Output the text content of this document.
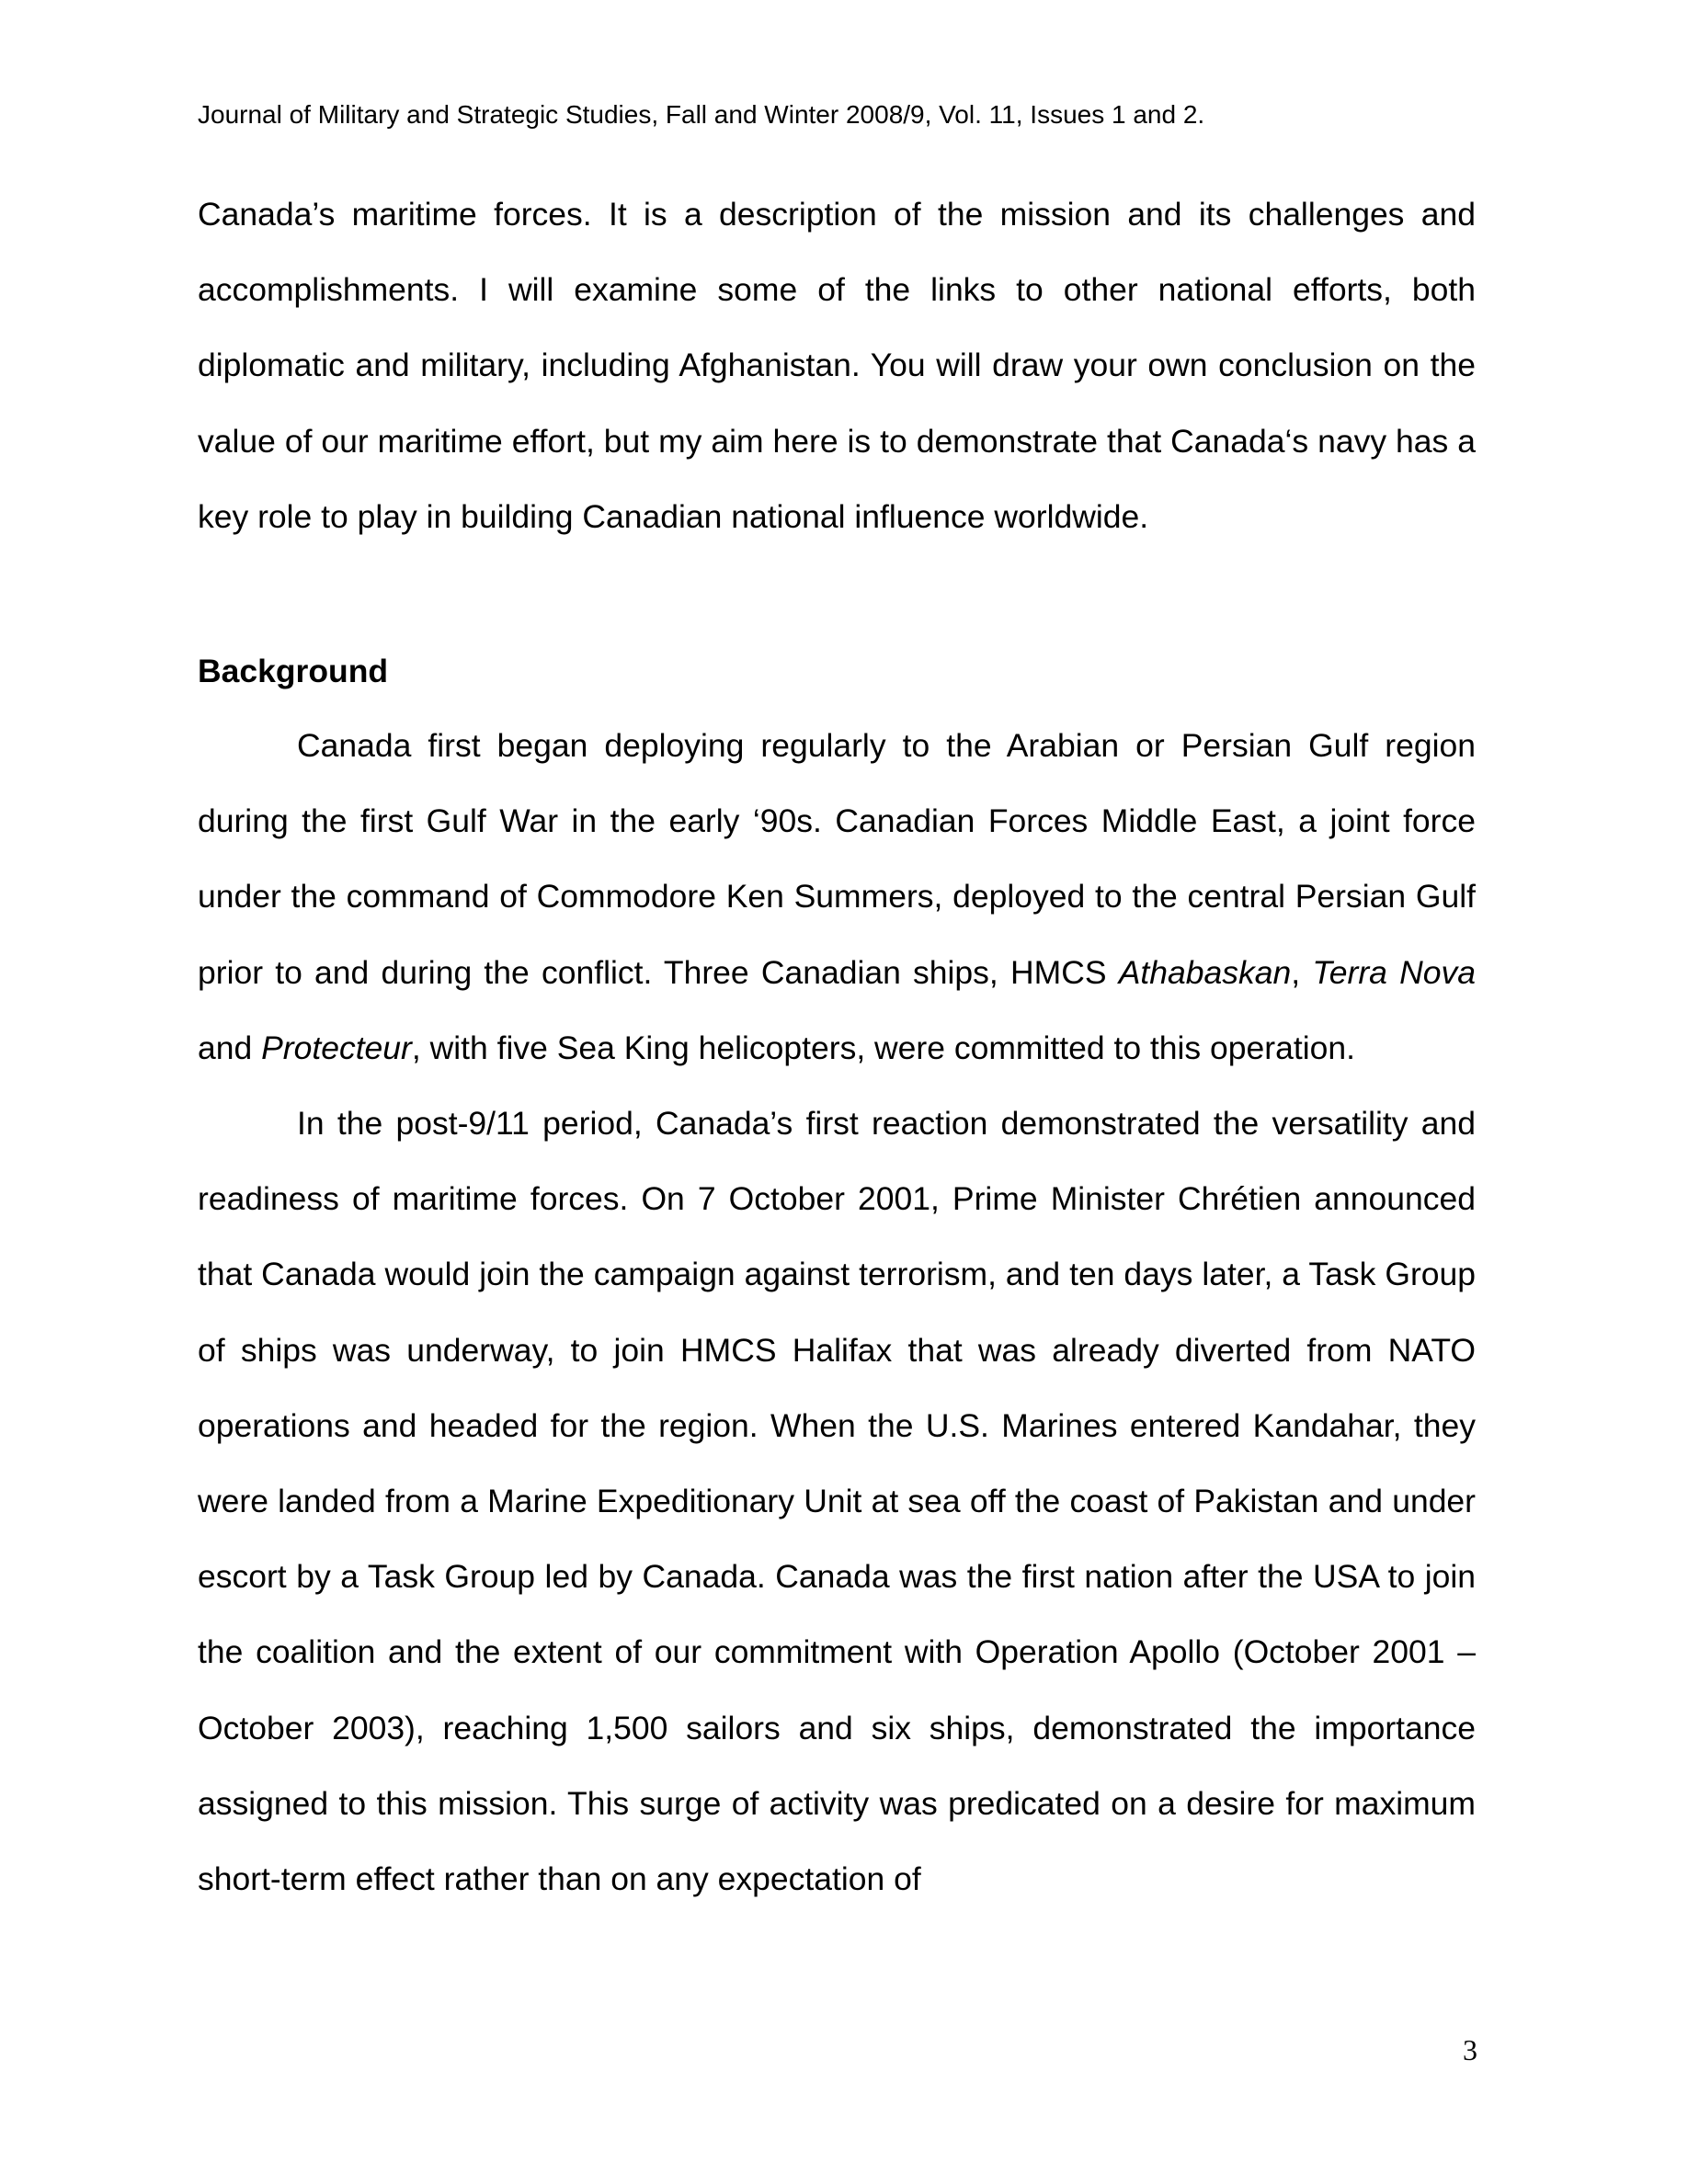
Journal of Military and Strategic Studies, Fall and Winter 2008/9, Vol. 11, Issues 1 and 2.

Canada’s maritime forces. It is a description of the mission and its challenges and accomplishments. I will examine some of the links to other national efforts, both diplomatic and military, including Afghanistan. You will draw your own conclusion on the value of our maritime effort, but my aim here is to demonstrate that Canada‘s navy has a key role to play in building Canadian national influence worldwide.

Background

Canada first began deploying regularly to the Arabian or Persian Gulf region during the first Gulf War in the early ‘90s. Canadian Forces Middle East, a joint force under the command of Commodore Ken Summers, deployed to the central Persian Gulf prior to and during the conflict. Three Canadian ships, HMCS Athabaskan, Terra Nova and Protecteur, with five Sea King helicopters, were committed to this operation.

In the post-9/11 period, Canada’s first reaction demonstrated the versatility and readiness of maritime forces. On 7 October 2001, Prime Minister Chrétien announced that Canada would join the campaign against terrorism, and ten days later, a Task Group of ships was underway, to join HMCS Halifax that was already diverted from NATO operations and headed for the region. When the U.S. Marines entered Kandahar, they were landed from a Marine Expeditionary Unit at sea off the coast of Pakistan and under escort by a Task Group led by Canada. Canada was the first nation after the USA to join the coalition and the extent of our commitment with Operation Apollo (October 2001 – October 2003), reaching 1,500 sailors and six ships, demonstrated the importance assigned to this mission. This surge of activity was predicated on a desire for maximum short-term effect rather than on any expectation of

3
